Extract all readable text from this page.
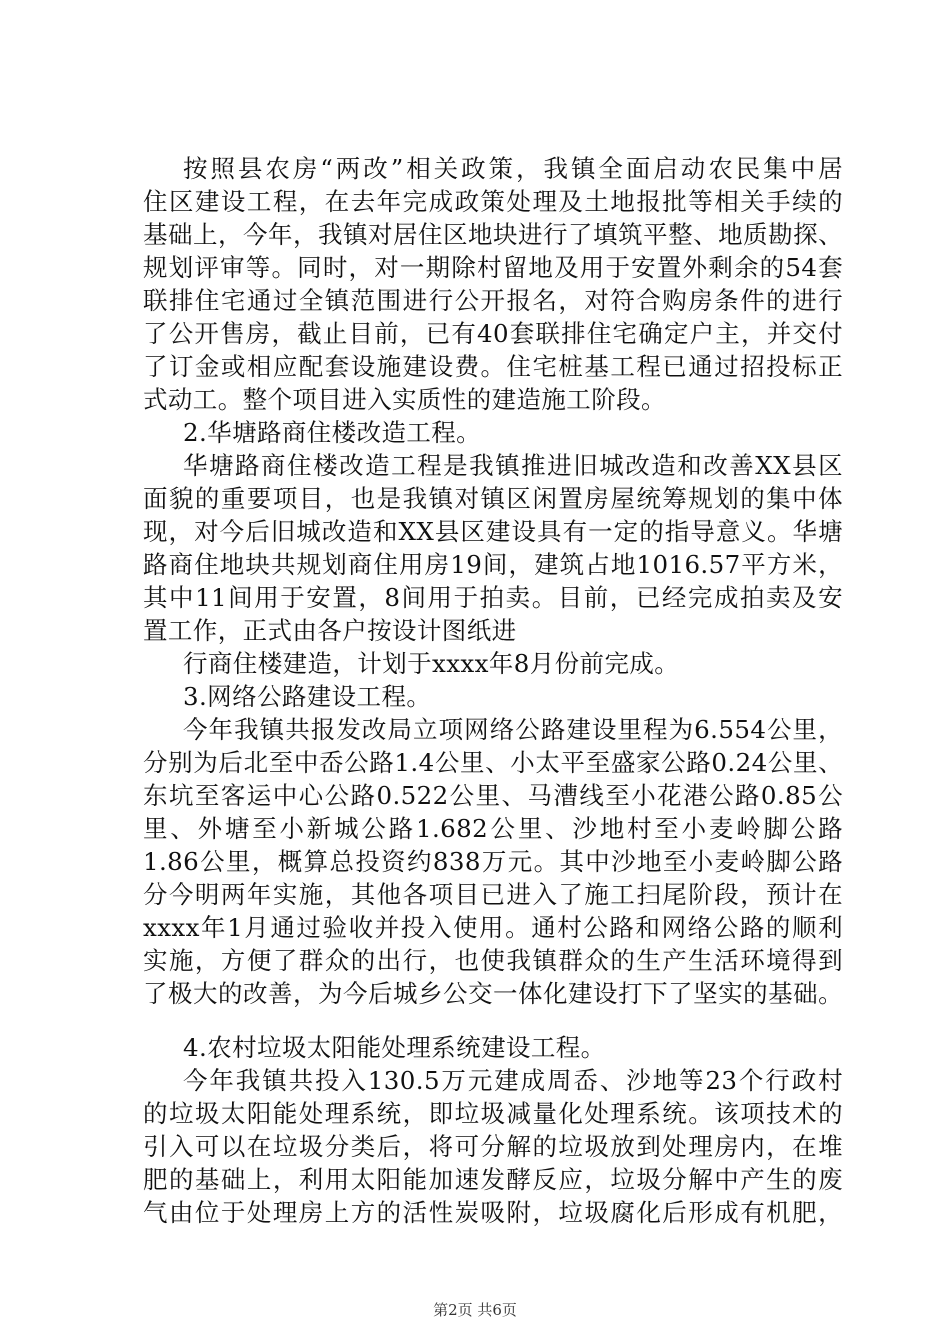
按照县农房“两改”相关政策，我镇全面启动农民集中居
住区建设工程，在去年完成政策处理及土地报批等相关手续的
基础上，今年，我镇对居住区地块进行了填筑平整、地质勘探、
规划评审等。同时，对一期除村留地及用于安置外剩余的54套
联排住宅通过全镇范围进行公开报名，对符合购房条件的进行
了公开售房，截止目前，已有40套联排住宅确定户主，并交付
了订金或相应配套设施建设费。住宅桩基工程已通过招投标正
式动工。整个项目进入实质性的建造施工阶段。
2.华塘路商住楼改造工程。
华塘路商住楼改造工程是我镇推进旧城改造和改善XX县区
面貌的重要项目，也是我镇对镇区闲置房屋统筹规划的集中体
现，对今后旧城改造和XX县区建设具有一定的指导意义。华塘
路商住地块共规划商住用房19间，建筑占地1016.57平方米，
其中11间用于安置，8间用于拍卖。目前，已经完成拍卖及安
置工作，正式由各户按设计图纸进
行商住楼建造，计划于xxxx年8月份前完成。
3.网络公路建设工程。
今年我镇共报发改局立项网络公路建设里程为6.554公里，
分别为后北至中岙公路1.4公里、小太平至盛家公路0.24公里、
东坑至客运中心公路0.522公里、马漕线至小花港公路0.85公
里、外塘至小新城公路1.682公里、沙地村至小麦岭脚公路
1.86公里，概算总投资约838万元。其中沙地至小麦岭脚公路
分今明两年实施，其他各项目已进入了施工扫尾阶段，预计在
xxxx年1月通过验收并投入使用。通村公路和网络公路的顺利
实施，方便了群众的出行，也使我镇群众的生产生活环境得到
了极大的改善，为今后城乡公交一体化建设打下了坚实的基础。
4.农村垃圾太阳能处理系统建设工程。
今年我镇共投入130.5万元建成周岙、沙地等23个行政村
的垃圾太阳能处理系统，即垃圾减量化处理系统。该项技术的
引入可以在垃圾分类后，将可分解的垃圾放到处理房内，在堆
肥的基础上，利用太阳能加速发酵反应，垃圾分解中产生的废
气由位于处理房上方的活性炭吸附，垃圾腐化后形成有机肥，
第2页 共6页
